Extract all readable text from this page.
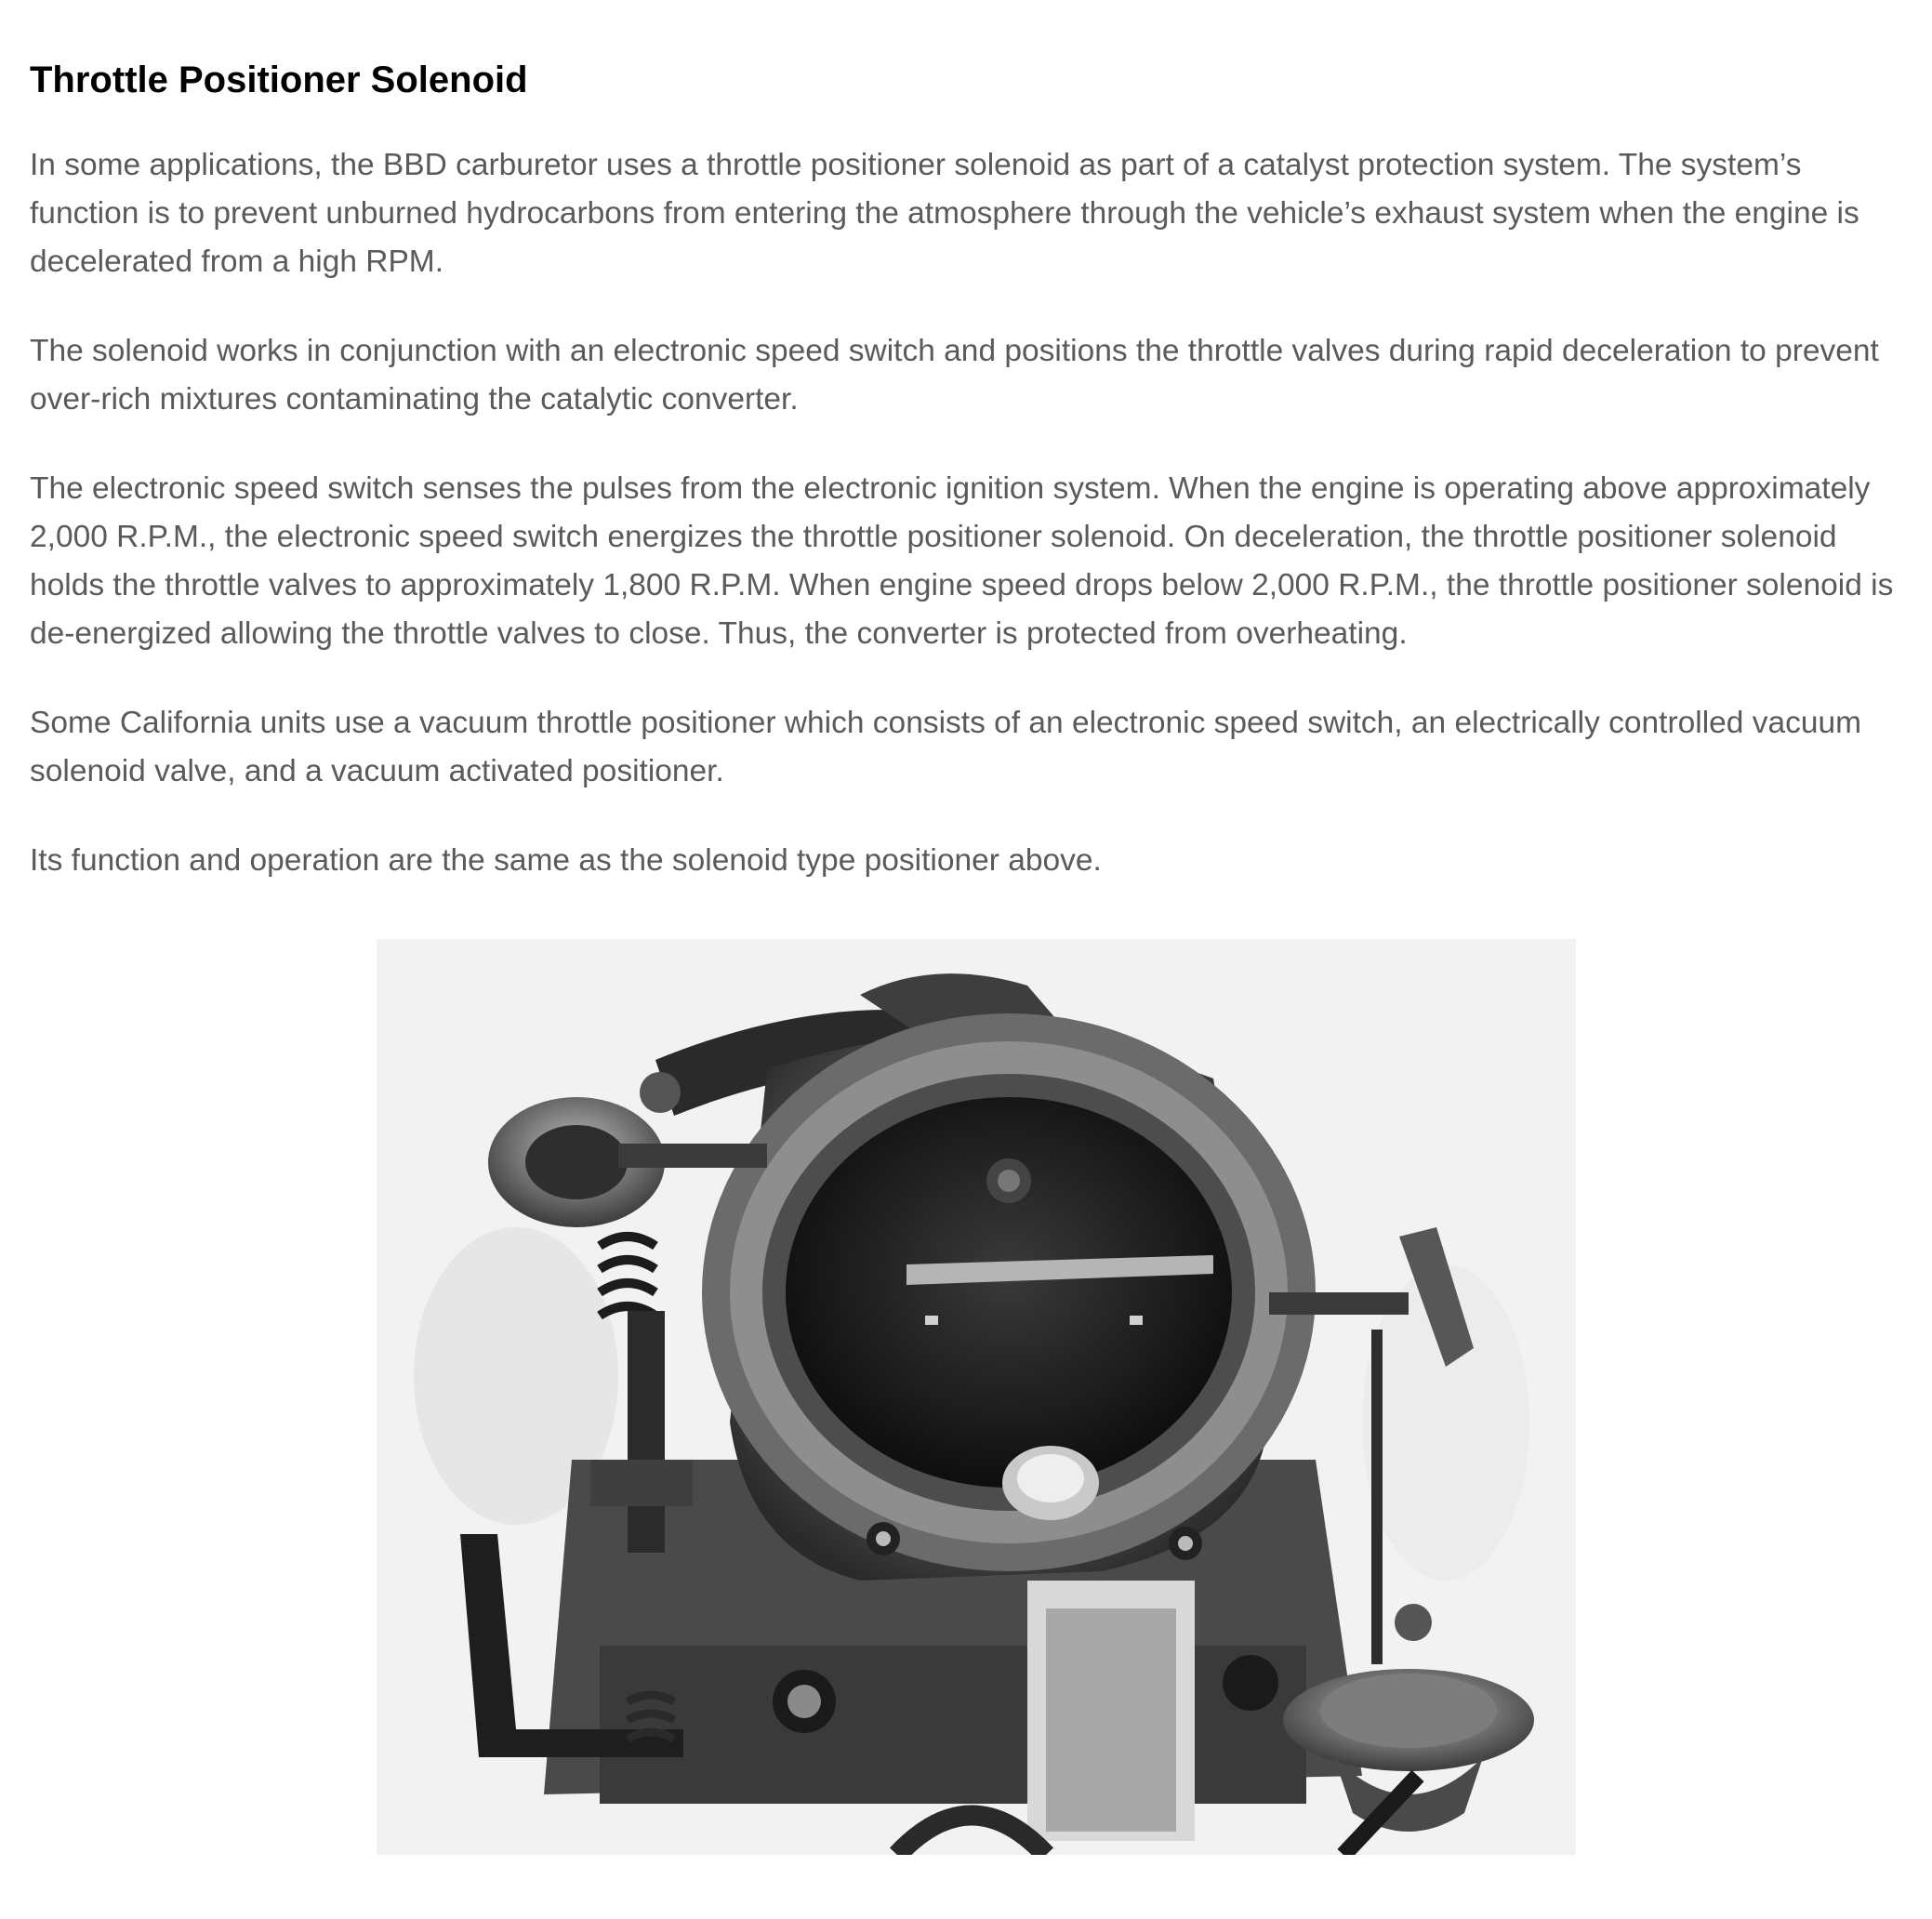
Throttle Positioner Solenoid

In some applications, the BBD carburetor uses a throttle positioner solenoid as part of a catalyst protection system. The system’s function is to prevent unburned hydrocarbons from entering the atmosphere through the vehicle’s exhaust system when the engine is decelerated from a high RPM.

The solenoid works in conjunction with an electronic speed switch and positions the throttle valves during rapid deceleration to prevent over-rich mixtures contaminating the catalytic converter.

The electronic speed switch senses the pulses from the electronic ignition system. When the engine is operating above approximately 2,000 R.P.M., the electronic speed switch energizes the throttle positioner solenoid. On deceleration, the throttle positioner solenoid holds the throttle valves to approximately 1,800 R.P.M. When engine speed drops below 2,000 R.P.M., the throttle positioner solenoid is de-energized allowing the throttle valves to close. Thus, the converter is protected from overheating.

Some California units use a vacuum throttle positioner which consists of an electronic speed switch, an electrically controlled vacuum solenoid valve, and a vacuum activated positioner.

Its function and operation are the same as the solenoid type positioner above.
